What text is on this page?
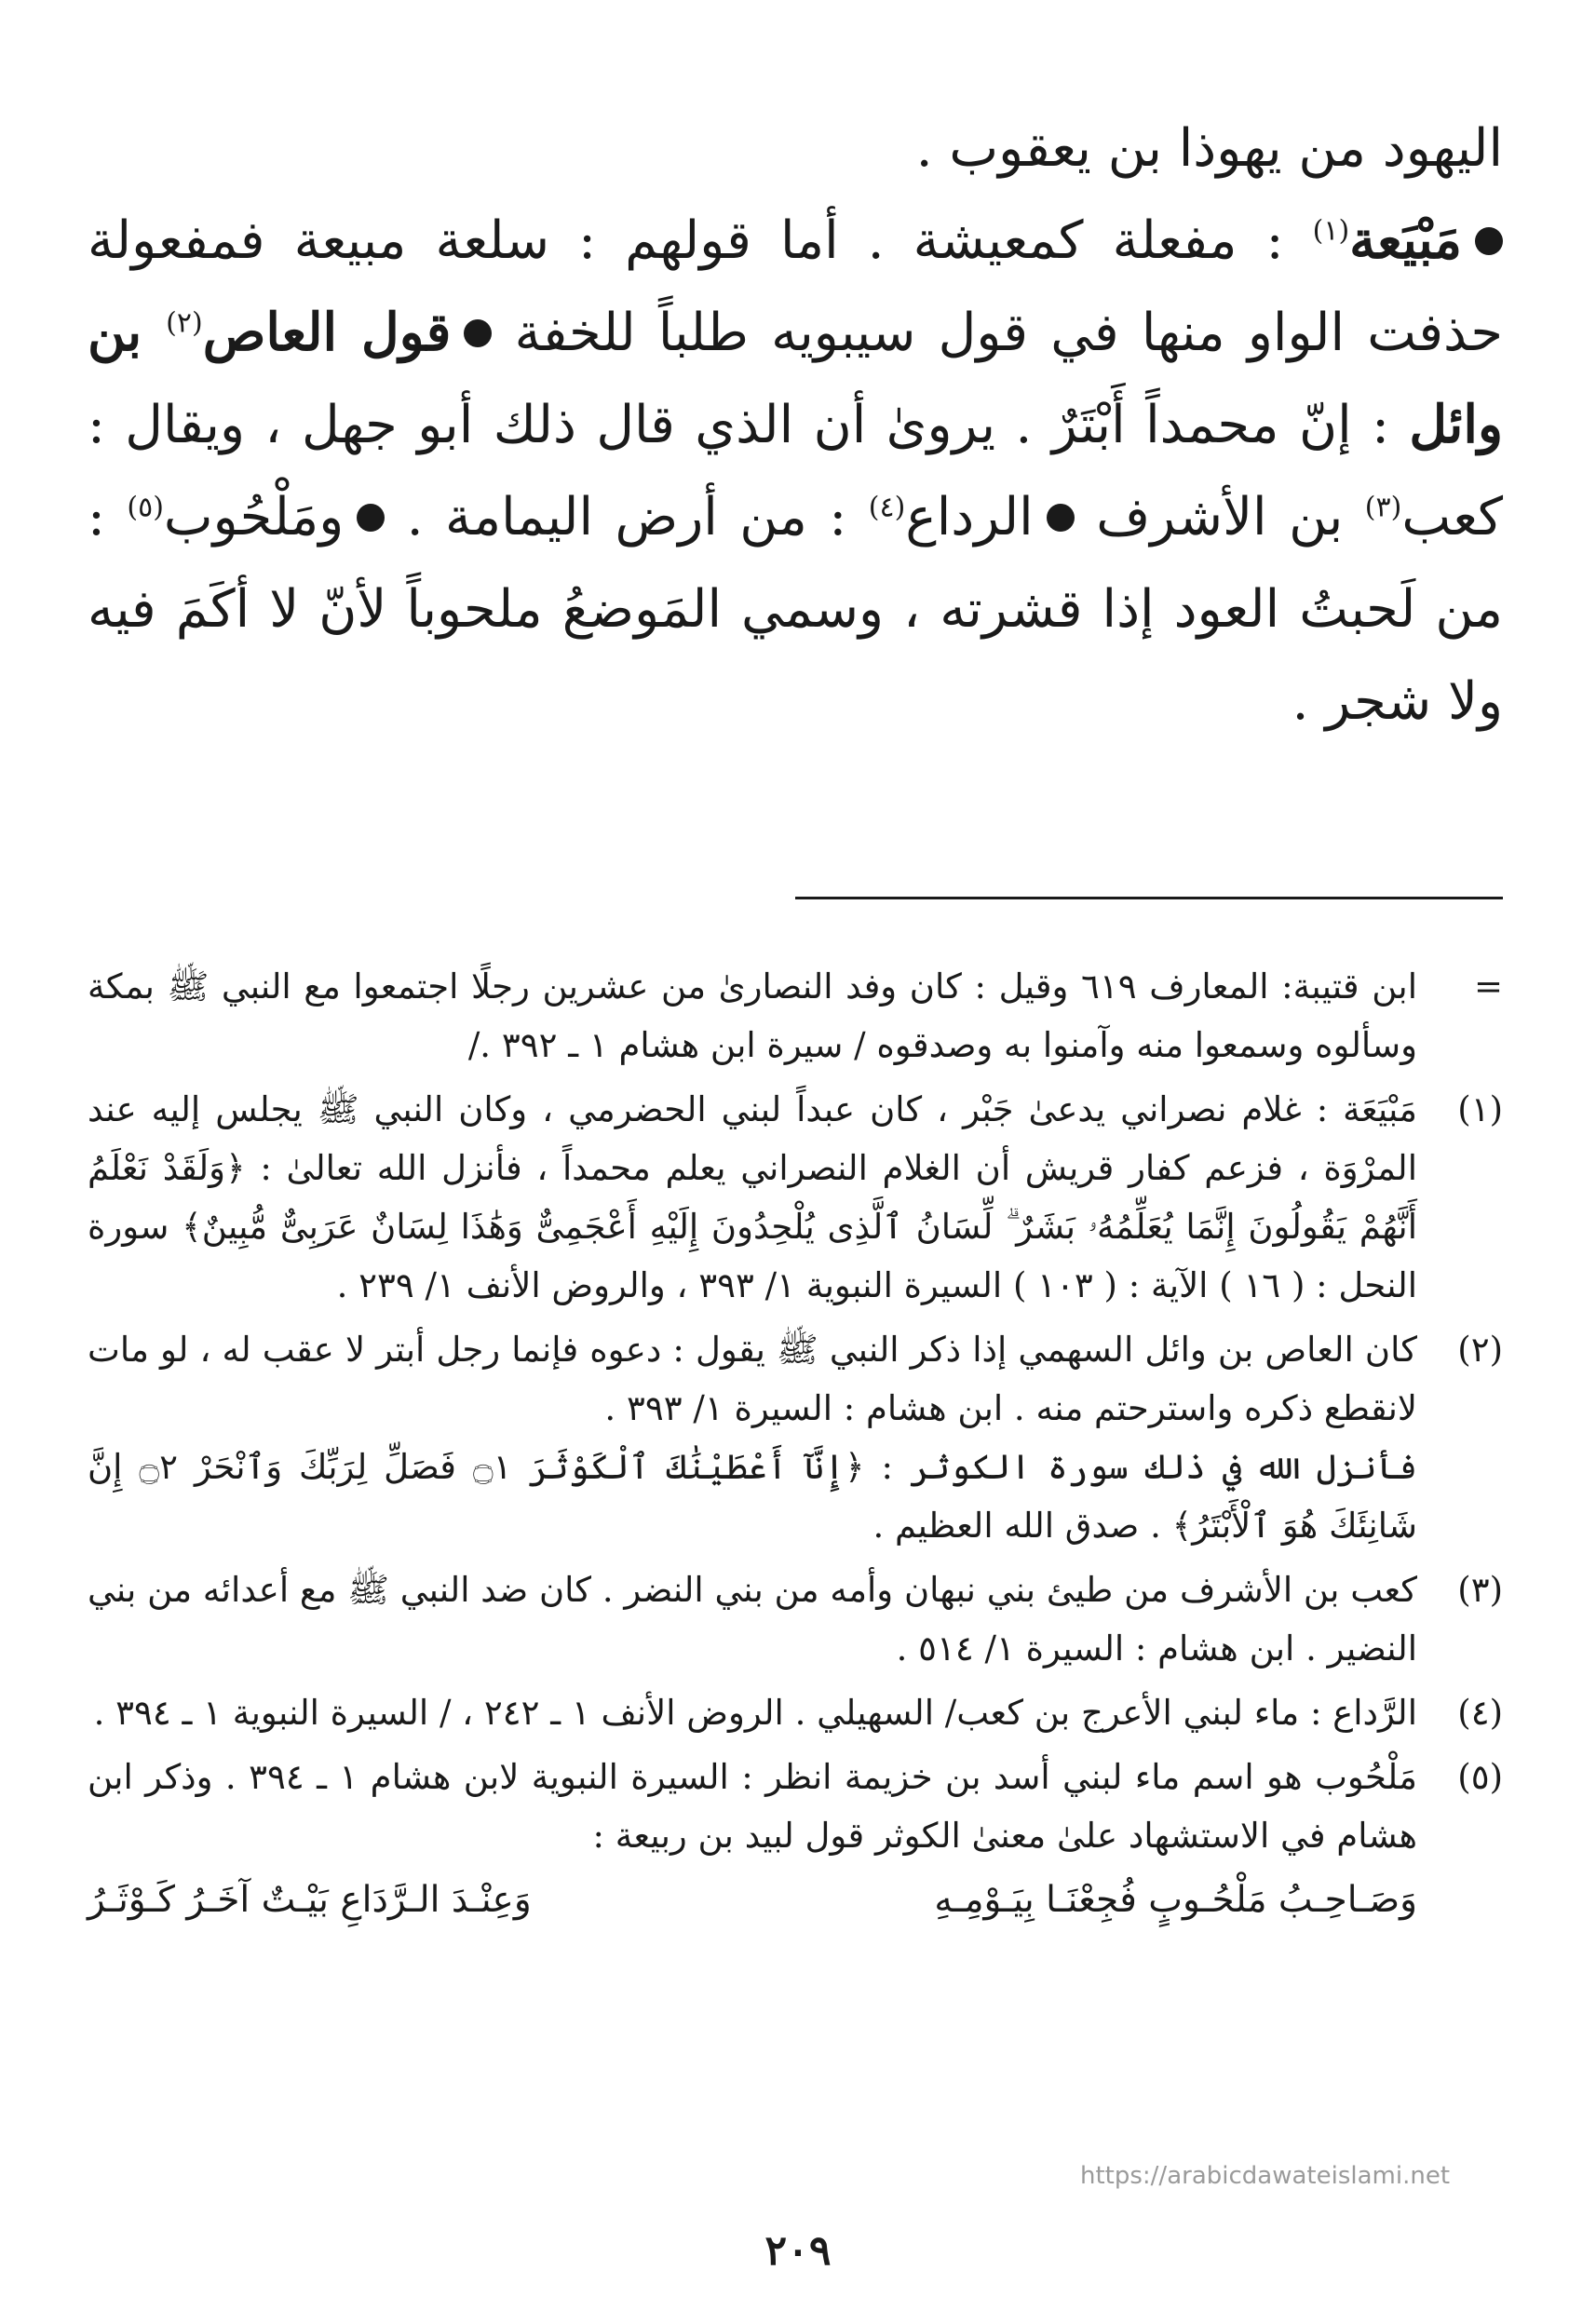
اليهود من يهوذا بن يعقوب .

مَبْيَعة$^{(١)}$ : مفعلة كمعيشة . أما قولهم : سلعة مبيعة فمفعولة حذفت الواو منها في قول سيبويه طلباً للخفة قول العاص$^{(٢)}$ بن وائل : إنّ محمداً أَبْتَرٌ . يروىٰ أن الذي قال ذلك أبو جهل ، ويقال : كعب$^{(٣)}$ بن الأشرف الرداع$^{(٤)}$ : من أرض اليمامة . ومَلْحُوب$^{(٥)}$ : من لَحبتُ العود إذا قشرته ، وسمي المَوضعُ ملحوباً لأنّ لا أكَمَ فيه ولا شجر .

=

ابن قتيبة: المعارف ٦١٩ وقيل : كان وفد النصارىٰ من عشرين رجلًا اجتمعوا مع النبي ﷺ بمكة وسألوه وسمعوا منه وآمنوا به وصدقوه / سيرة ابن هشام ١ ـ ٣٩٢ ./

(١)

مَبْيَعَة : غلام نصراني يدعىٰ جَبْر ، كان عبداً لبني الحضرمي ، وكان النبي ﷺ يجلس إليه عند المرْوَة ، فزعم كفار قريش أن الغلام النصراني يعلم محمداً ، فأنزل الله تعالىٰ : ﴿وَلَقَدْ نَعْلَمُ أَنَّهُمْ يَقُولُونَ إِنَّمَا يُعَلِّمُهُۥ بَشَرٌ ۗ لِّسَانُ ٱلَّذِى يُلْحِدُونَ إِلَيْهِ أَعْجَمِىٌّ وَهَٰذَا لِسَانٌ عَرَبِىٌّ مُّبِينٌ﴾ سورة النحل : ( ١٦ ) الآية : ( ١٠٣ ) السيرة النبوية ١/ ٣٩٣ ، والروض الأنف ١/ ٢٣٩ .

(٢)

كان العاص بن وائل السهمي إذا ذكر النبي ﷺ يقول : دعوه فإنما رجل أبتر لا عقب له ، لو مات لانقطع ذكره واسترحتم منه . ابن هشام : السيرة ١/ ٣٩٣ .

فأنزل الله في ذلك سورة الكوثر : ﴿إِنَّآ أَعْطَيْنَٰكَ ٱلْكَوْثَرَ ۝١ فَصَلِّ لِرَبِّكَ وَٱنْحَرْ ۝٢ إِنَّ شَانِئَكَ هُوَ ٱلْأَبْتَرُ﴾ . صدق الله العظيم .

(٣)

كعب بن الأشرف من طيئ بني نبهان وأمه من بني النضر . كان ضد النبي ﷺ مع أعدائه من بني النضير . ابن هشام : السيرة ١/ ٥١٤ .

(٤)

الرَّداع : ماء لبني الأعرج بن كعب/ السهيلي . الروض الأنف ١ ـ ٢٤٢ ، / السيرة النبوية ١ ـ ٣٩٤ .

(٥)

مَلْحُوب هو اسم ماء لبني أسد بن خزيمة انظر : السيرة النبوية لابن هشام ١ ـ ٣٩٤ . وذكر ابن هشام في الاستشهاد علىٰ معنىٰ الكوثر قول لبيد بن ربيعة :

وَصَـاحِـبُ مَلْحُـوبٍ فُجِعْنَـا بِيَـوْمِـهِ
وَعِنْـدَ الـرَّدَاعِ بَيْـتٌ آخَـرُ كَـوْثَـرُ
https://arabicdawateislami.net
٢٠٩
